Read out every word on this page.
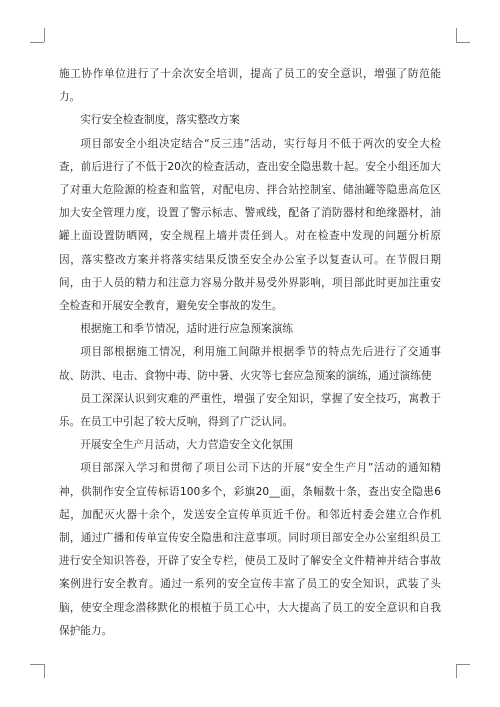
施工协作单位进行了十余次安全培训，提高了员工的安全意识，增强了防范能力。

实行安全检查制度，落实整改方案

项目部安全小组决定结合“反三违”活动，实行每月不低于两次的安全大检查，前后进行了不低于20次的检查活动，查出安全隐患数十起。安全小组还加大了对重大危险源的检查和监管，对配电房、拌合站控制室、储油罐等隐患高危区加大安全管理力度，设置了警示标志、警戒线，配备了消防器材和绝缘器材，油罐上面设置防晒网，安全规程上墙并责任到人。对在检查中发现的问题分析原因，落实整改方案并将落实结果反馈至安全办公室予以复查认可。在节假日期间，由于人员的精力和注意力容易分散并易受外界影响，项目部此时更加注重安全检查和开展安全教育，避免安全事故的发生。

根据施工和季节情况，适时进行应急预案演练

项目部根据施工情况，利用施工间隙并根据季节的特点先后进行了交通事故、防洪、电击、食物中毒、防中暑、火灾等七套应急预案的演练，通过演练使

员工深深认识到灾难的严重性，增强了安全知识，掌握了安全技巧，寓教于乐。在员工中引起了较大反响，得到了广泛认同。

开展安全生产月活动，大力营造安全文化氛围

项目部深入学习和贯彻了项目公司下达的开展“安全生产月”活动的通知精神，供制作安全宣传标语100多个，彩旗20__面，条幅数十条，查出安全隐患6起，加配灭火器十余个，发送安全宣传单页近千份。和邻近村委会建立合作机制，通过广播和传单宣传安全隐患和注意事项。同时项目部安全办公室组织员工进行安全知识答卷，开辟了安全专栏，使员工及时了解安全文件精神并结合事故案例进行安全教育。通过一系列的安全宣传丰富了员工的安全知识，武装了头脑，使安全理念潜移默化的根植于员工心中，大大提高了员工的安全意识和自我保护能力。
